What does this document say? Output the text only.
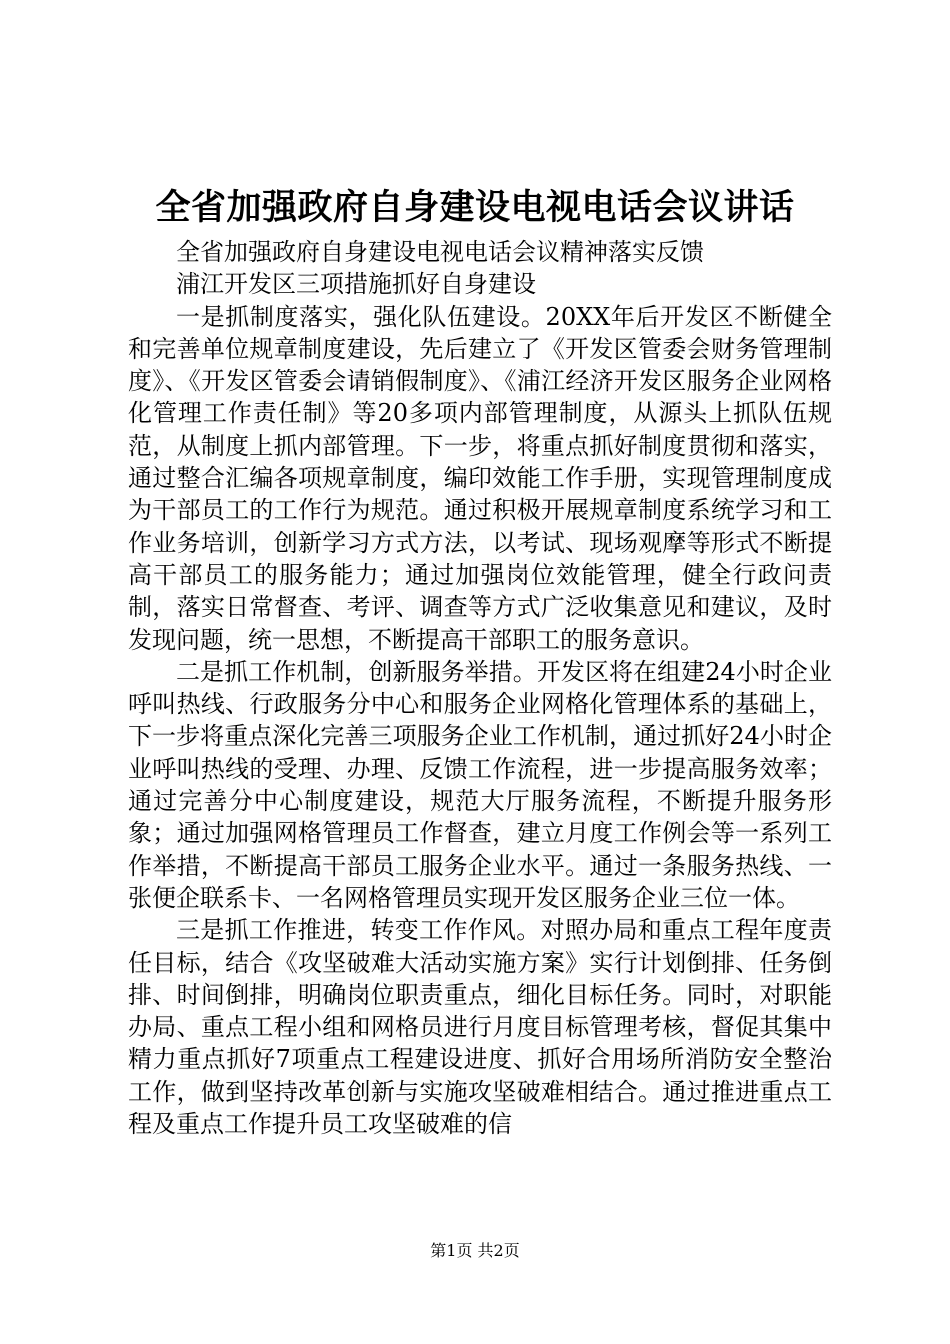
全省加强政府自身建设电视电话会议讲话

全省加强政府自身建设电视电话会议精神落实反馈

浦江开发区三项措施抓好自身建设

一是抓制度落实，强化队伍建设。20XX年后开发区不断健全和完善单位规章制度建设，先后建立了《开发区管委会财务管理制度》、《开发区管委会请销假制度》、《浦江经济开发区服务企业网格化管理工作责任制》等20多项内部管理制度，从源头上抓队伍规范，从制度上抓内部管理。下一步，将重点抓好制度贯彻和落实，通过整合汇编各项规章制度，编印效能工作手册，实现管理制度成为干部员工的工作行为规范。通过积极开展规章制度系统学习和工作业务培训，创新学习方式方法，以考试、现场观摩等形式不断提高干部员工的服务能力；通过加强岗位效能管理，健全行政问责制，落实日常督查、考评、调查等方式广泛收集意见和建议，及时发现问题，统一思想，不断提高干部职工的服务意识。

二是抓工作机制，创新服务举措。开发区将在组建24小时企业呼叫热线、行政服务分中心和服务企业网格化管理体系的基础上，下一步将重点深化完善三项服务企业工作机制，通过抓好24小时企业呼叫热线的受理、办理、反馈工作流程，进一步提高服务效率；通过完善分中心制度建设，规范大厅服务流程，不断提升服务形象；通过加强网格管理员工作督查，建立月度工作例会等一系列工作举措，不断提高干部员工服务企业水平。通过一条服务热线、一张便企联系卡、一名网格管理员实现开发区服务企业三位一体。

三是抓工作推进，转变工作作风。对照办局和重点工程年度责任目标，结合《攻坚破难大活动实施方案》实行计划倒排、任务倒排、时间倒排，明确岗位职责重点，细化目标任务。同时，对职能办局、重点工程小组和网格员进行月度目标管理考核，督促其集中精力重点抓好7项重点工程建设进度、抓好合用场所消防安全整治工作，做到坚持改革创新与实施攻坚破难相结合。通过推进重点工程及重点工作提升员工攻坚破难的信

第1页 共2页
